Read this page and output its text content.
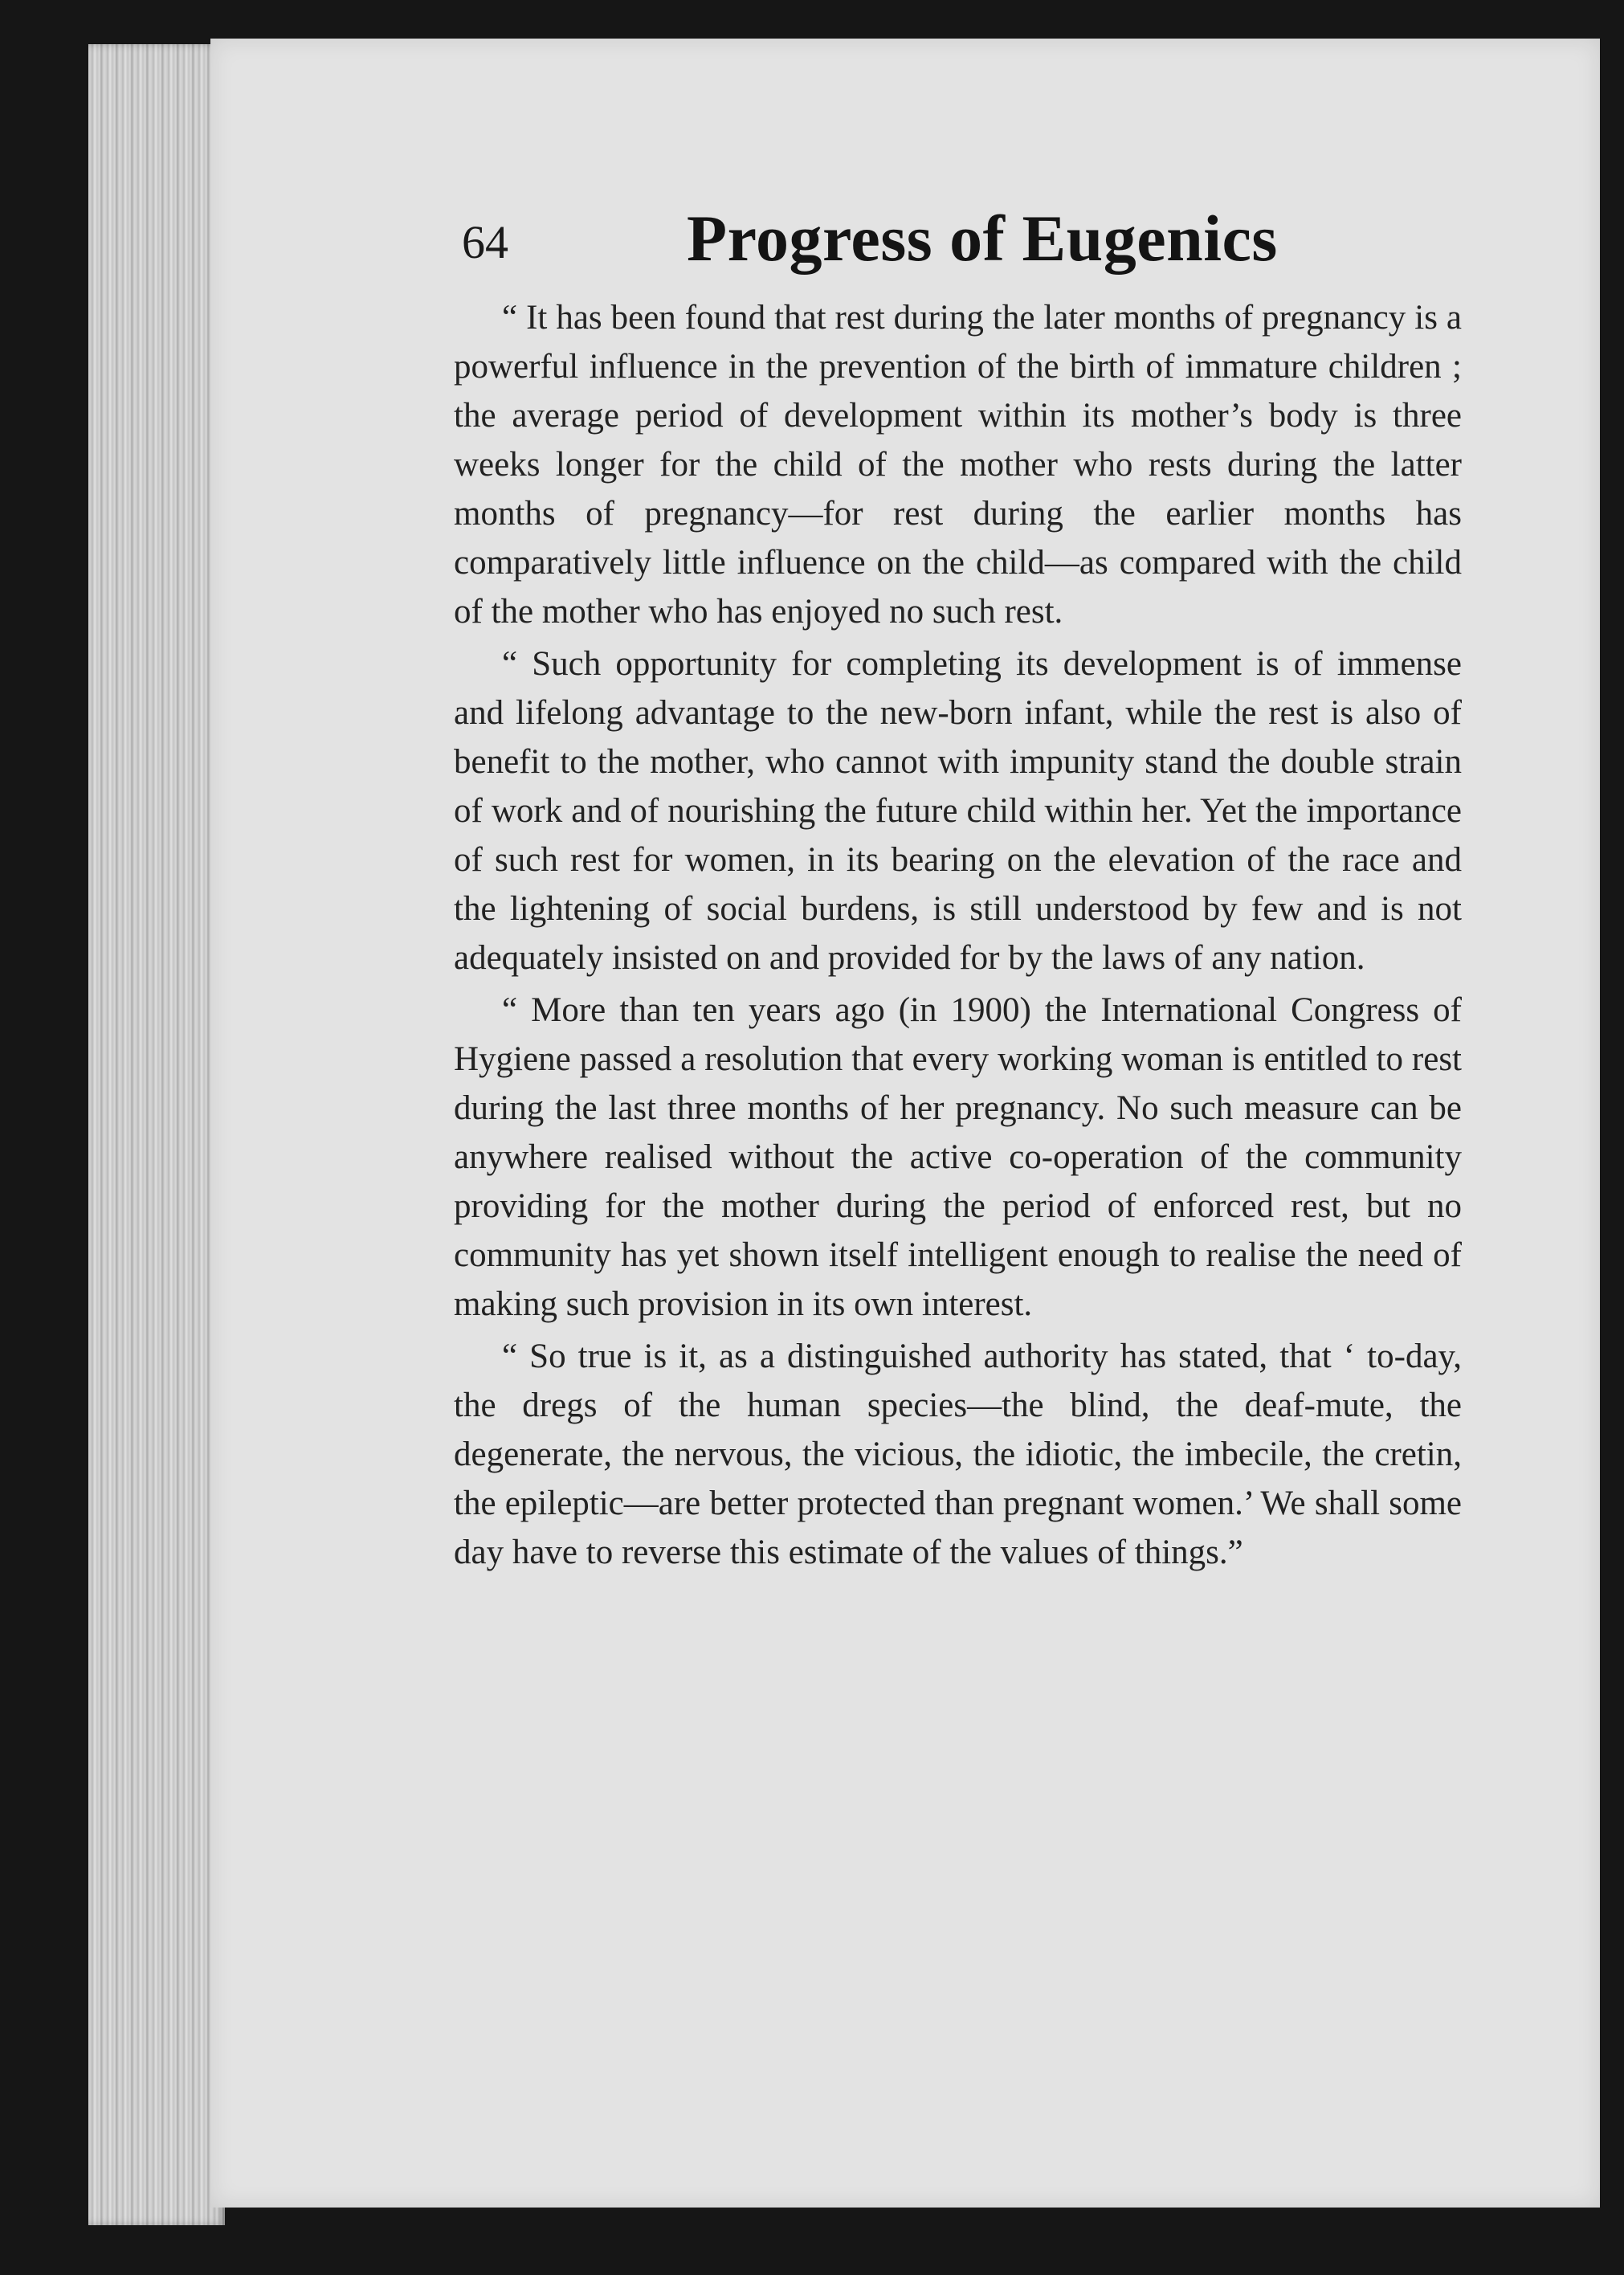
64	Progress of Eugenics

“ It has been found that rest during the later months of pregnancy is a powerful influence in the prevention of the birth of immature children ; the average period of development within its mother’s body is three weeks longer for the child of the mother who rests during the latter months of pregnancy—for rest during the earlier months has comparatively little influence on the child—as compared with the child of the mother who has enjoyed no such rest.

“ Such opportunity for completing its development is of immense and lifelong advantage to the new-born infant, while the rest is also of benefit to the mother, who cannot with impunity stand the double strain of work and of nourishing the future child within her. Yet the importance of such rest for women, in its bearing on the elevation of the race and the lightening of social burdens, is still understood by few and is not adequately insisted on and provided for by the laws of any nation.

“ More than ten years ago (in 1900) the International Congress of Hygiene passed a resolution that every working woman is entitled to rest during the last three months of her pregnancy. No such measure can be anywhere realised without the active co-operation of the community providing for the mother during the period of enforced rest, but no community has yet shown itself intelligent enough to realise the need of making such provision in its own interest.

“ So true is it, as a distinguished authority has stated, that ‘ to-day, the dregs of the human species—the blind, the deaf-mute, the degenerate, the nervous, the vicious, the idiotic, the imbecile, the cretin, the epileptic—are better protected than pregnant women.’ We shall some day have to reverse this estimate of the values of things.”
